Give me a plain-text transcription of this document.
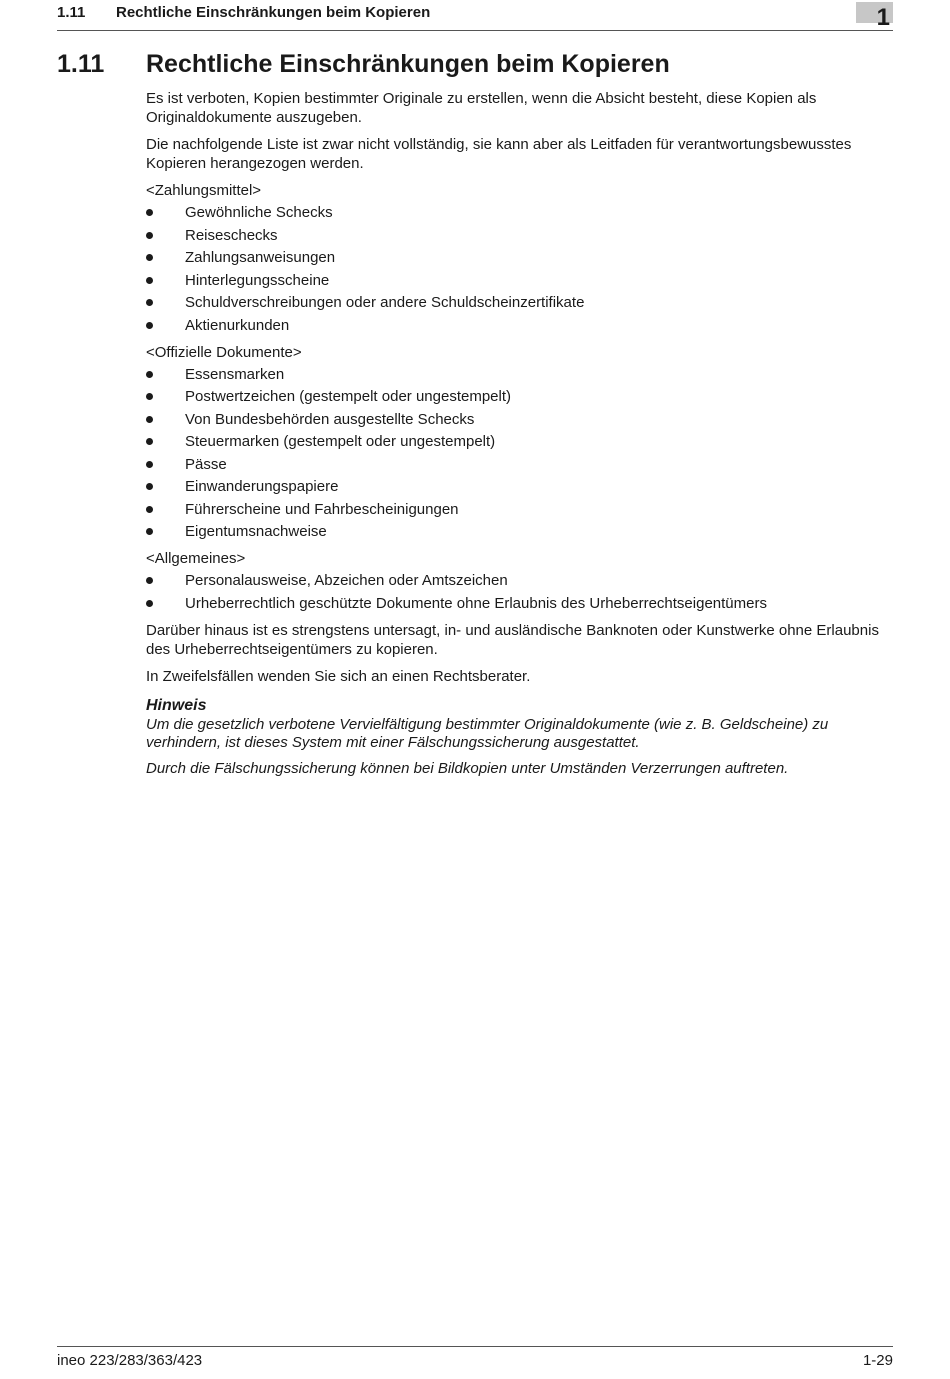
1.11 Rechtliche Einschränkungen beim Kopieren	1
1.11 Rechtliche Einschränkungen beim Kopieren

Es ist verboten, Kopien bestimmter Originale zu erstellen, wenn die Absicht besteht, diese Kopien als Originaldokumente auszugeben.

Die nachfolgende Liste ist zwar nicht vollständig, sie kann aber als Leitfaden für verantwortungsbewusstes Kopieren herangezogen werden.

<Zahlungsmittel>
Gewöhnliche Schecks
Reiseschecks
Zahlungsanweisungen
Hinterlegungsscheine
Schuldverschreibungen oder andere Schuldscheinzertifikate
Aktienurkunden
<Offizielle Dokumente>
Essensmarken
Postwertzeichen (gestempelt oder ungestempelt)
Von Bundesbehörden ausgestellte Schecks
Steuermarken (gestempelt oder ungestempelt)
Pässe
Einwanderungspapiere
Führerscheine und Fahrbescheinigungen
Eigentumsnachweise
<Allgemeines>
Personalausweise, Abzeichen oder Amtszeichen
Urheberrechtlich geschützte Dokumente ohne Erlaubnis des Urheberrechtseigentümers

Darüber hinaus ist es strengstens untersagt, in- und ausländische Banknoten oder Kunstwerke ohne Erlaubnis des Urheberrechtseigentümers zu kopieren.

In Zweifelsfällen wenden Sie sich an einen Rechtsberater.

Hinweis

Um die gesetzlich verbotene Vervielfältigung bestimmter Originaldokumente (wie z. B. Geldscheine) zu verhindern, ist dieses System mit einer Fälschungssicherung ausgestattet.

Durch die Fälschungssicherung können bei Bildkopien unter Umständen Verzerrungen auftreten.

ineo 223/283/363/423	1-29
